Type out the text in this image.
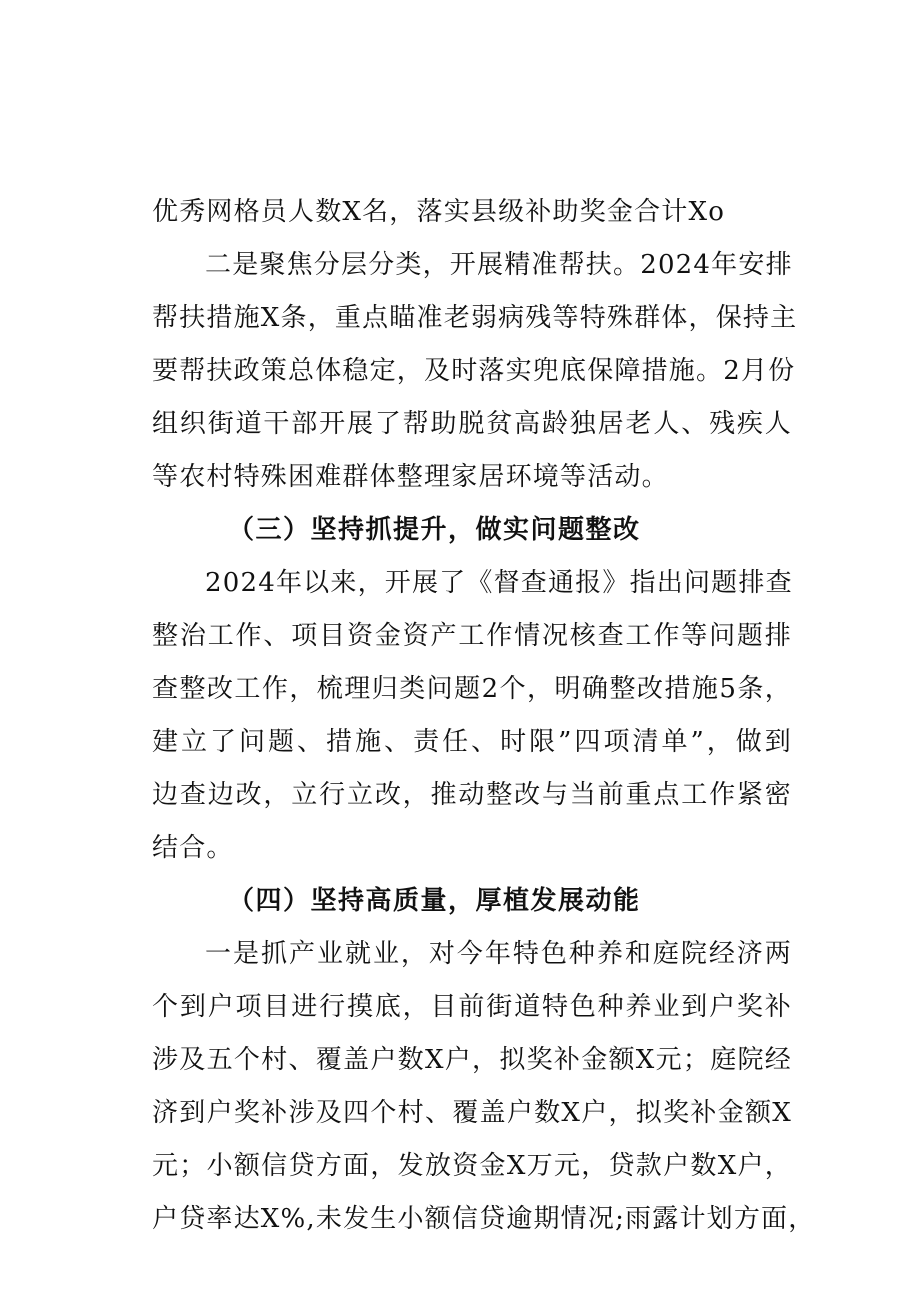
优秀网格员人数X名，落实县级补助奖金合计Xo
二是聚焦分层分类，开展精准帮扶。2024年安排
帮扶措施X条，重点瞄准老弱病残等特殊群体，保持主
要帮扶政策总体稳定，及时落实兜底保障措施。2月份
组织街道干部开展了帮助脱贫高龄独居老人、残疾人
等农村特殊困难群体整理家居环境等活动。
（三）坚持抓提升，做实问题整改
2024年以来，开展了《督查通报》指出问题排查
整治工作、项目资金资产工作情况核查工作等问题排
查整改工作，梳理归类问题2个，明确整改措施5条，
建立了问题、措施、责任、时限”四项清单”，做到
边查边改，立行立改，推动整改与当前重点工作紧密
结合。
（四）坚持高质量，厚植发展动能
一是抓产业就业，对今年特色种养和庭院经济两
个到户项目进行摸底，目前街道特色种养业到户奖补
涉及五个村、覆盖户数X户，拟奖补金额X元；庭院经
济到户奖补涉及四个村、覆盖户数X户，拟奖补金额X
元；小额信贷方面，发放资金X万元，贷款户数X户，
户贷率达X%,未发生小额信贷逾期情况;雨露计划方面，
